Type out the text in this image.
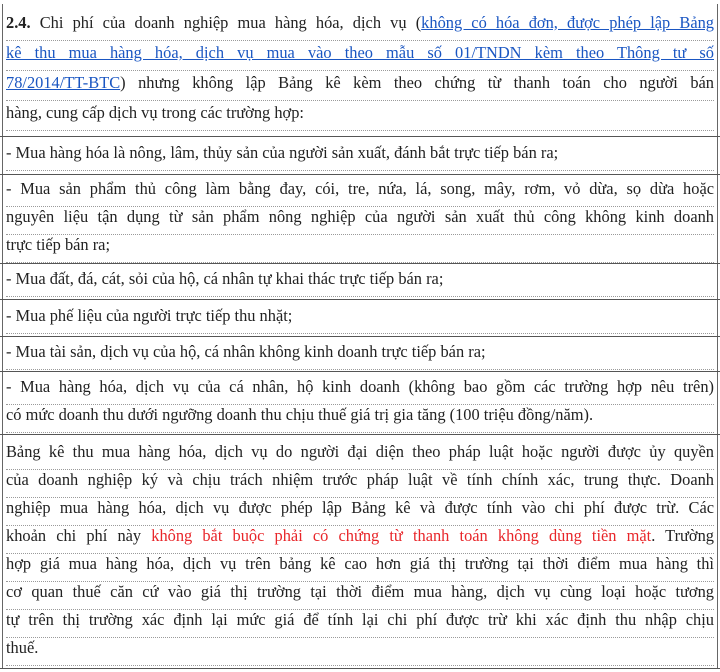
2.4. Chi phí của doanh nghiệp mua hàng hóa, dịch vụ (không có hóa đơn, được phép lập Bảng
kê thu mua hàng hóa, dịch vụ mua vào theo mẫu số 01/TNDN kèm theo Thông tư số
78/2014/TT-BTC) nhưng không lập Bảng kê kèm theo chứng từ thanh toán cho người bán
hàng, cung cấp dịch vụ trong các trường hợp:
- Mua hàng hóa là nông, lâm, thủy sản của người sản xuất, đánh bắt trực tiếp bán ra;
- Mua sản phẩm thủ công làm bằng đay, cói, tre, nứa, lá, song, mây, rơm, vỏ dừa, sọ dừa hoặc
nguyên liệu tận dụng từ sản phẩm nông nghiệp của người sản xuất thủ công không kinh doanh
trực tiếp bán ra;
- Mua đất, đá, cát, sỏi của hộ, cá nhân tự khai thác trực tiếp bán ra;
- Mua phế liệu của người trực tiếp thu nhặt;
- Mua tài sản, dịch vụ của hộ, cá nhân không kinh doanh trực tiếp bán ra;
- Mua hàng hóa, dịch vụ của cá nhân, hộ kinh doanh (không bao gồm các trường hợp nêu trên)
có mức doanh thu dưới ngưỡng doanh thu chịu thuế giá trị gia tăng (100 triệu đồng/năm).
Bảng kê thu mua hàng hóa, dịch vụ do người đại diện theo pháp luật hoặc người được ủy quyền
của doanh nghiệp ký và chịu trách nhiệm trước pháp luật về tính chính xác, trung thực. Doanh
nghiệp mua hàng hóa, dịch vụ được phép lập Bảng kê và được tính vào chi phí được trừ. Các
khoản chi phí này không bắt buộc phải có chứng từ thanh toán không dùng tiền mặt. Trường
hợp giá mua hàng hóa, dịch vụ trên bảng kê cao hơn giá thị trường tại thời điểm mua hàng thì
cơ quan thuế căn cứ vào giá thị trường tại thời điểm mua hàng, dịch vụ cùng loại hoặc tương
tự trên thị trường xác định lại mức giá để tính lại chi phí được trừ khi xác định thu nhập chịu
thuế.
